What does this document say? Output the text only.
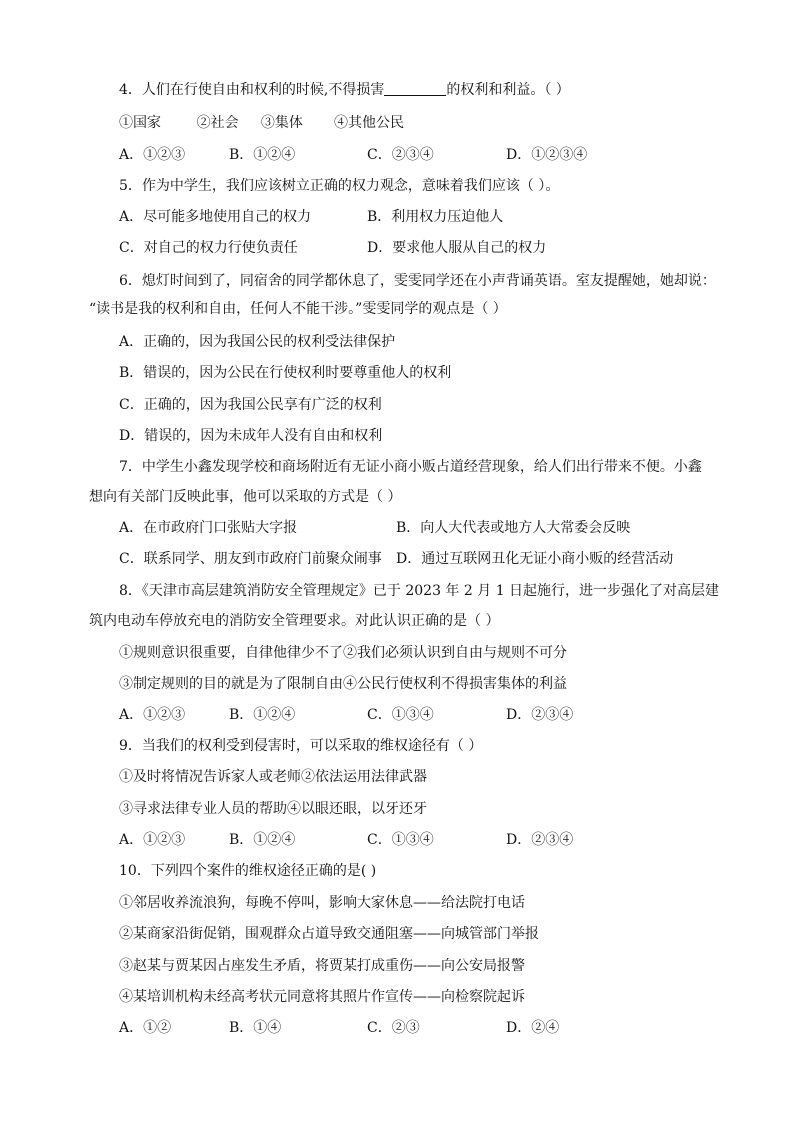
4．人们在行使自由和权利的时候,不得损害	的权利和利益。（ ）
①国家        ②社会     ③集体       ④其他公民
A．①②③	B．①②④	C．②③④	D．①②③④
5．作为中学生，我们应该树立正确的权力观念，意味着我们应该（ ）。
A．尽可能多地使用自己的权力	B．利用权力压迫他人
C．对自己的权力行使负责任	D．要求他人服从自己的权力
6．熄灯时间到了，同宿舍的同学都休息了，雯雯同学还在小声背诵英语。室友提醒她，她却说：
“读书是我的权利和自由，任何人不能干涉。”雯雯同学的观点是（ ）
A．正确的，因为我国公民的权利受法律保护
B．错误的，因为公民在行使权利时要尊重他人的权利
C．正确的，因为我国公民享有广泛的权利
D．错误的，因为未成年人没有自由和权利
7．中学生小鑫发现学校和商场附近有无证小商小贩占道经营现象，给人们出行带来不便。小鑫
想向有关部门反映此事，他可以采取的方式是（ ）
A．在市政府门口张贴大字报	B．向人大代表或地方人大常委会反映
C．联系同学、朋友到市政府门前聚众闹事 D．通过互联网丑化无证小商小贩的经营活动
8．《天津市高层建筑消防安全管理规定》已于 2023 年 2 月 1 日起施行，进一步强化了对高层建
筑内电动车停放充电的消防安全管理要求。对此认识正确的是（ ）
①规则意识很重要，自律他律少不了②我们必须认识到自由与规则不可分
③制定规则的目的就是为了限制自由④公民行使权利不得损害集体的利益
A．①②③	B．①②④	C．①③④	D．②③④
9．当我们的权利受到侵害时，可以采取的维权途径有（ ）
①及时将情况告诉家人或老师②依法运用法律武器
③寻求法律专业人员的帮助④以眼还眼，以牙还牙
A．①②③	B．①②④	C．①③④	D．②③④
10．下列四个案件的维权途径正确的是( )
①邻居收养流浪狗，每晚不停叫，影响大家休息——给法院打电话
②某商家沿街促销，围观群众占道导致交通阻塞——向城管部门举报
③赵某与贾某因占座发生矛盾，将贾某打成重伤——向公安局报警
④某培训机构未经高考状元同意将其照片作宣传——向检察院起诉
A．①②	B．①④	C．②③	D．②④
